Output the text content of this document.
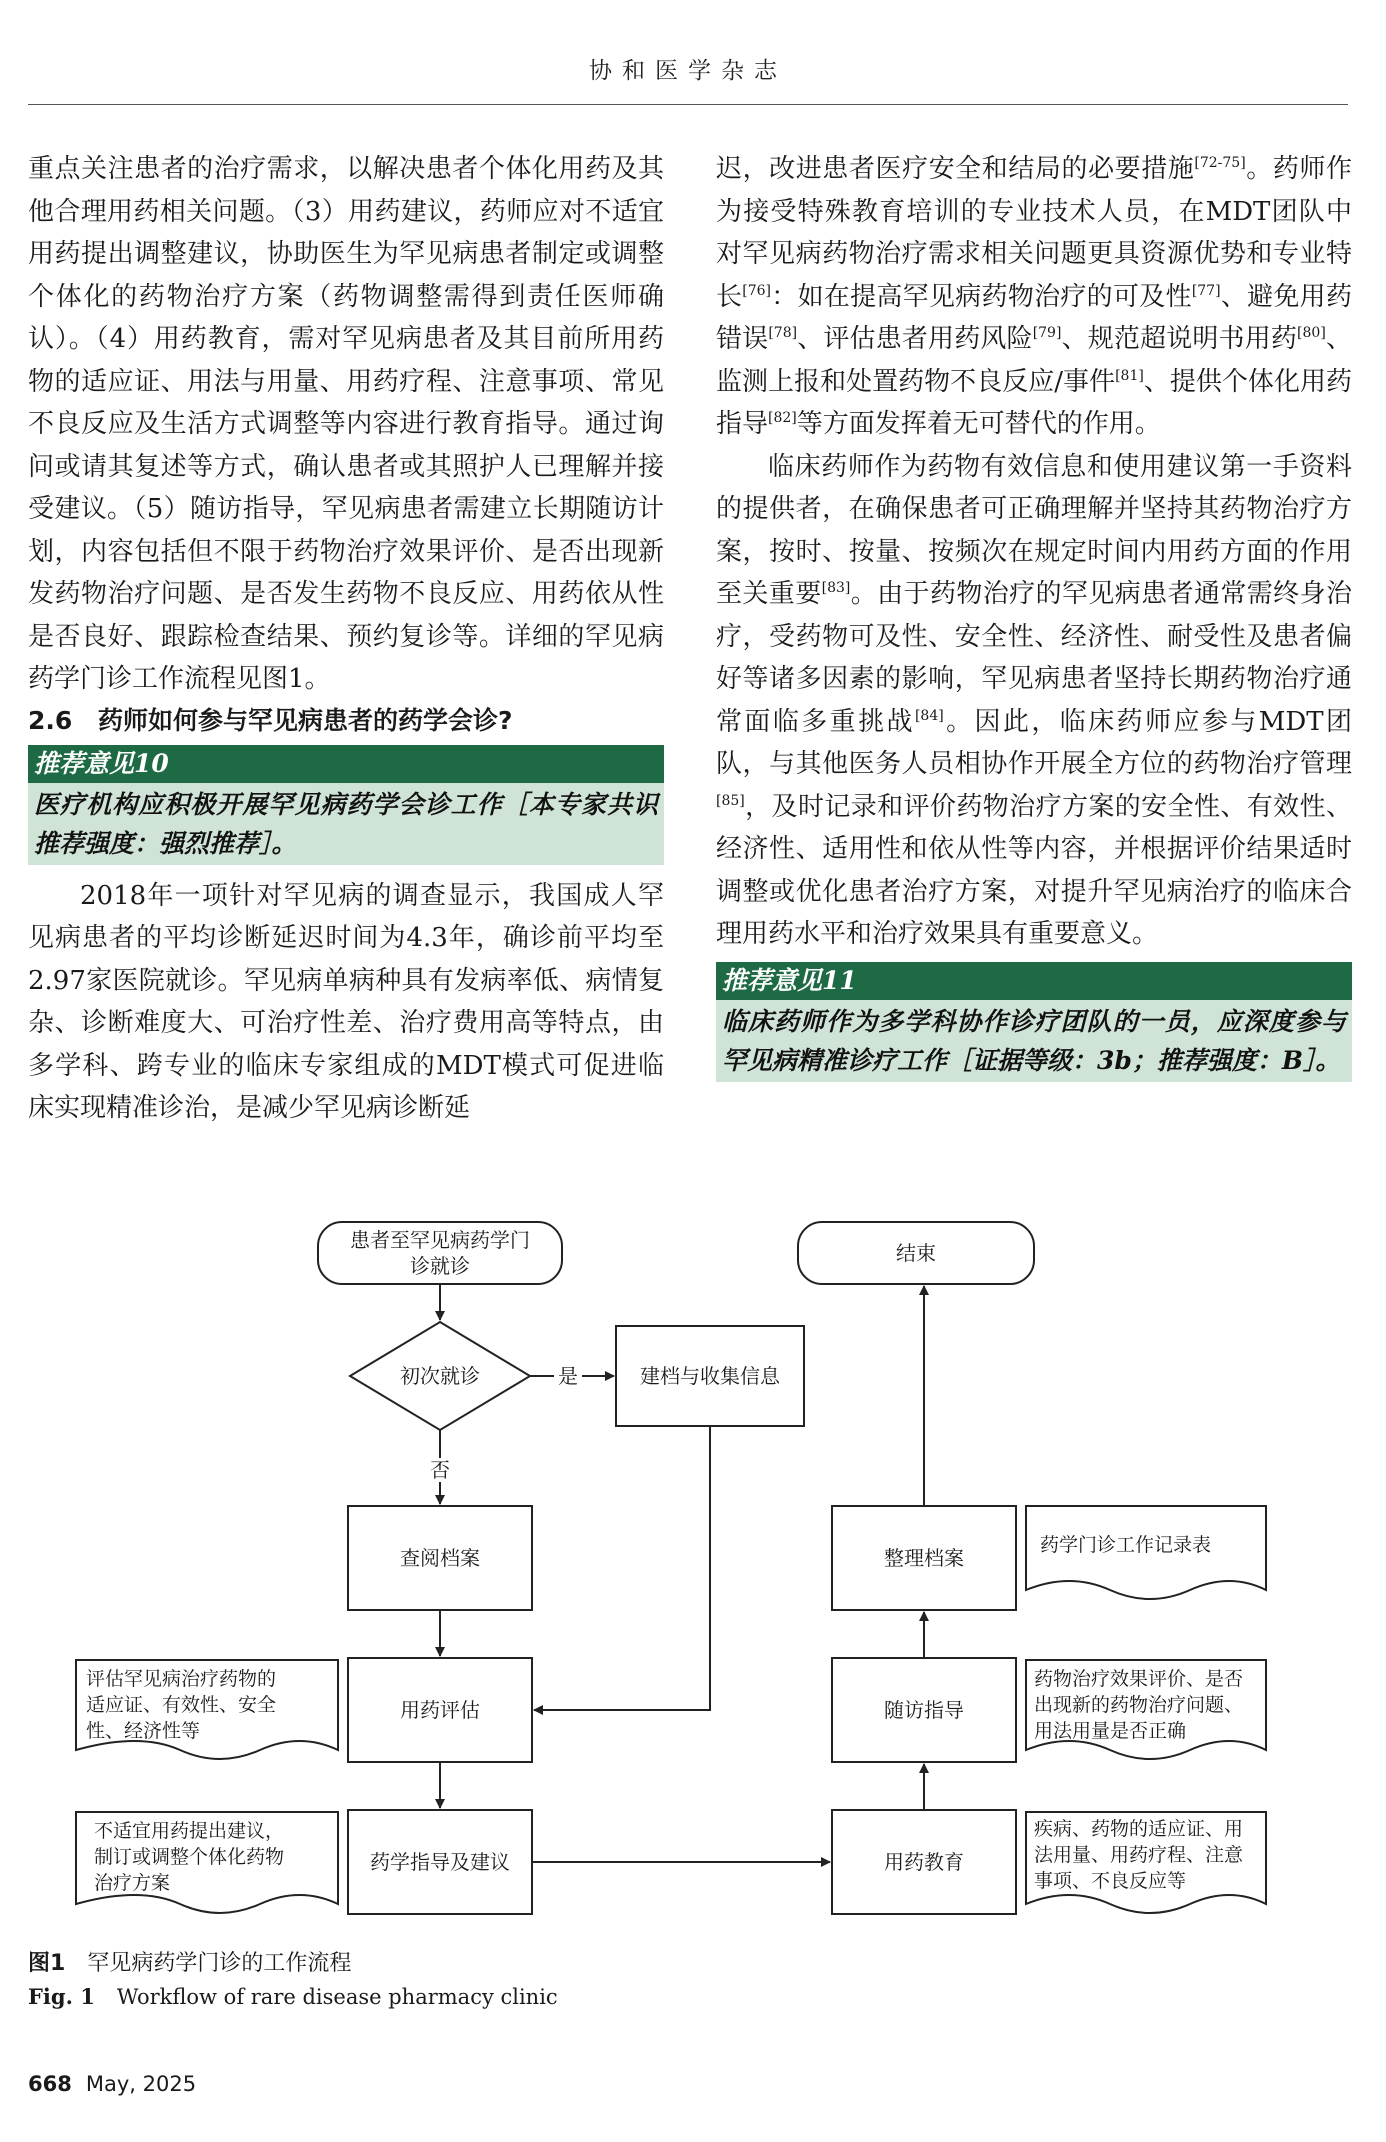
协和医学杂志

重点关注患者的治疗需求，以解决患者个体化用药及其他合理用药相关问题。（3）用药建议，药师应对不适宜用药提出调整建议，协助医生为罕见病患者制定或调整个体化的药物治疗方案（药物调整需得到责任医师确认）。（4）用药教育，需对罕见病患者及其目前所用药物的适应证、用法与用量、用药疗程、注意事项、常见不良反应及生活方式调整等内容进行教育指导。通过询问或请其复述等方式，确认患者或其照护人已理解并接受建议。（5）随访指导，罕见病患者需建立长期随访计划，内容包括但不限于药物治疗效果评价、是否出现新发药物治疗问题、是否发生药物不良反应、用药依从性是否良好、跟踪检查结果、预约复诊等。详细的罕见病药学门诊工作流程见图1。

2.6 药师如何参与罕见病患者的药学会诊?
推荐意见10
医疗机构应积极开展罕见病药学会诊工作［本专家共识推荐强度：强烈推荐］。

2018年一项针对罕见病的调查显示，我国成人罕见病患者的平均诊断延迟时间为4.3年，确诊前平均至2.97家医院就诊。罕见病单病种具有发病率低、病情复杂、诊断难度大、可治疗性差、治疗费用高等特点，由多学科、跨专业的临床专家组成的MDT模式可促进临床实现精准诊治，是减少罕见病诊断延

迟，改进患者医疗安全和结局的必要措施[72-75]。药师作为接受特殊教育培训的专业技术人员，在MDT团队中对罕见病药物治疗需求相关问题更具资源优势和专业特长[76]：如在提高罕见病药物治疗的可及性[77]、避免用药错误[78]、评估患者用药风险[79]、规范超说明书用药[80]、监测上报和处置药物不良反应/事件[81]、提供个体化用药指导[82]等方面发挥着无可替代的作用。

临床药师作为药物有效信息和使用建议第一手资料的提供者，在确保患者可正确理解并坚持其药物治疗方案，按时、按量、按频次在规定时间内用药方面的作用至关重要[83]。由于药物治疗的罕见病患者通常需终身治疗，受药物可及性、安全性、经济性、耐受性及患者偏好等诸多因素的影响，罕见病患者坚持长期药物治疗通常面临多重挑战[84]。因此，临床药师应参与MDT团队，与其他医务人员相协作开展全方位的药物治疗管理[85]，及时记录和评价药物治疗方案的安全性、有效性、经济性、适用性和依从性等内容，并根据评价结果适时调整或优化患者治疗方案，对提升罕见病治疗的临床合理用药水平和治疗效果具有重要意义。

推荐意见11
临床药师作为多学科协作诊疗团队的一员，应深度参与罕见病精准诊疗工作［证据等级：3b；推荐强度：B］。
患者至罕见病药学门诊就诊
初次就诊	是
否
建档与收集信息
查阅档案
用药评估
药学指导及建议	用药教育
随访指导
整理档案
结束
评估罕见病治疗药物的适应证、有效性、安全性、经济性等
不适宜用药提出建议，制订或调整个体化药物治疗方案
疾病、药物的适应证、用法用量、用药疗程、注意事项、不良反应等
药物治疗效果评价、是否出现新的药物治疗问题、用法用量是否正确
药学门诊工作记录表
图1 罕见病药学门诊的工作流程
Fig. 1 Workflow of rare disease pharmacy clinic
668 May, 2025
